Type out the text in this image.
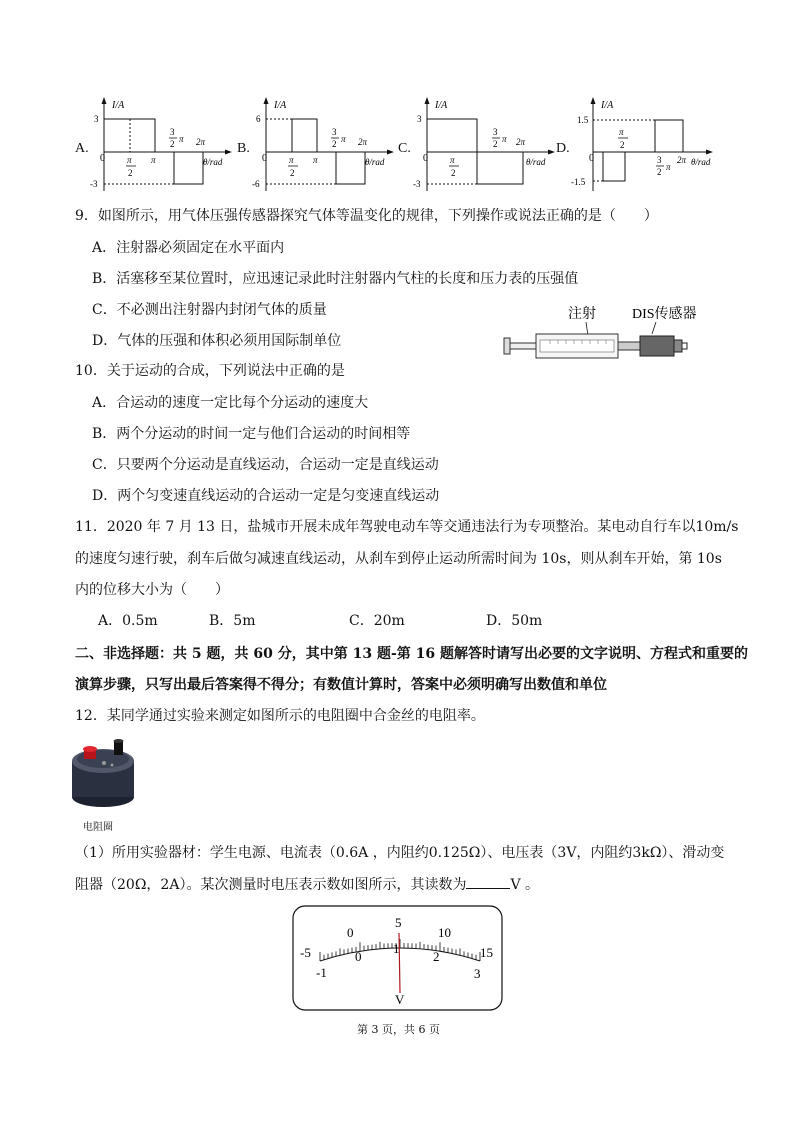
A.	B.	C.	D.
I/A
0
3
-3
π
2
π
3
2 π 2π
θ/rad
I/A
0
6
-6
π
2
π
3
2 π 2π
θ/rad
I/A
0
3
-3
π
2
3
2 π 2π
θ/rad
I/A
0
1.5
-1.5
π
2
3
2 π
2π θ/rad
9．如图所示，用气体压强传感器探究气体等温变化的规律，下列操作或说法正确的是（　　）
A．注射器必须固定在水平面内
B．活塞移至某位置时，应迅速记录此时注射器内气柱的长度和压力表的压强值
C．不必测出注射器内封闭气体的质量
D．气体的压强和体积必须用国际制单位
注射	DIS传感器
10．关于运动的合成，下列说法中正确的是
A．合运动的速度一定比每个分运动的速度大
B．两个分运动的时间一定与他们合运动的时间相等
C．只要两个分运动是直线运动，合运动一定是直线运动
D．两个匀变速直线运动的合运动一定是匀变速直线运动
11．2020 年 7 月 13 日，盐城市开展未成年驾驶电动车等交通违法行为专项整治。某电动自行车以10m/s
的速度匀速行驶，刹车后做匀减速直线运动，从刹车到停止运动所需时间为 10s，则从刹车开始，第 10s
内的位移大小为（　　）
A．0.5m	B．5m	C．20m	D．50m
二、非选择题：共 5 题，共 60 分，其中第 13 题-第 16 题解答时请写出必要的文字说明、方程式和重要的
演算步骤，只写出最后答案得不得分；有数值计算时，答案中必须明确写出数值和单位
12．某同学通过实验来测定如图所示的电阻圈中合金丝的电阻率。
电阻圈
（1）所用实验器材：学生电源、电流表（0.6A ，内阻约0.125Ω）、电压表（3V，内阻约3kΩ）、滑动变
阻器（20Ω，2A）。某次测量时电压表示数如图所示，其读数为	V 。
-5
0
5
10
15
-1
0
1
2
3
V
第 3 页，共 6 页
